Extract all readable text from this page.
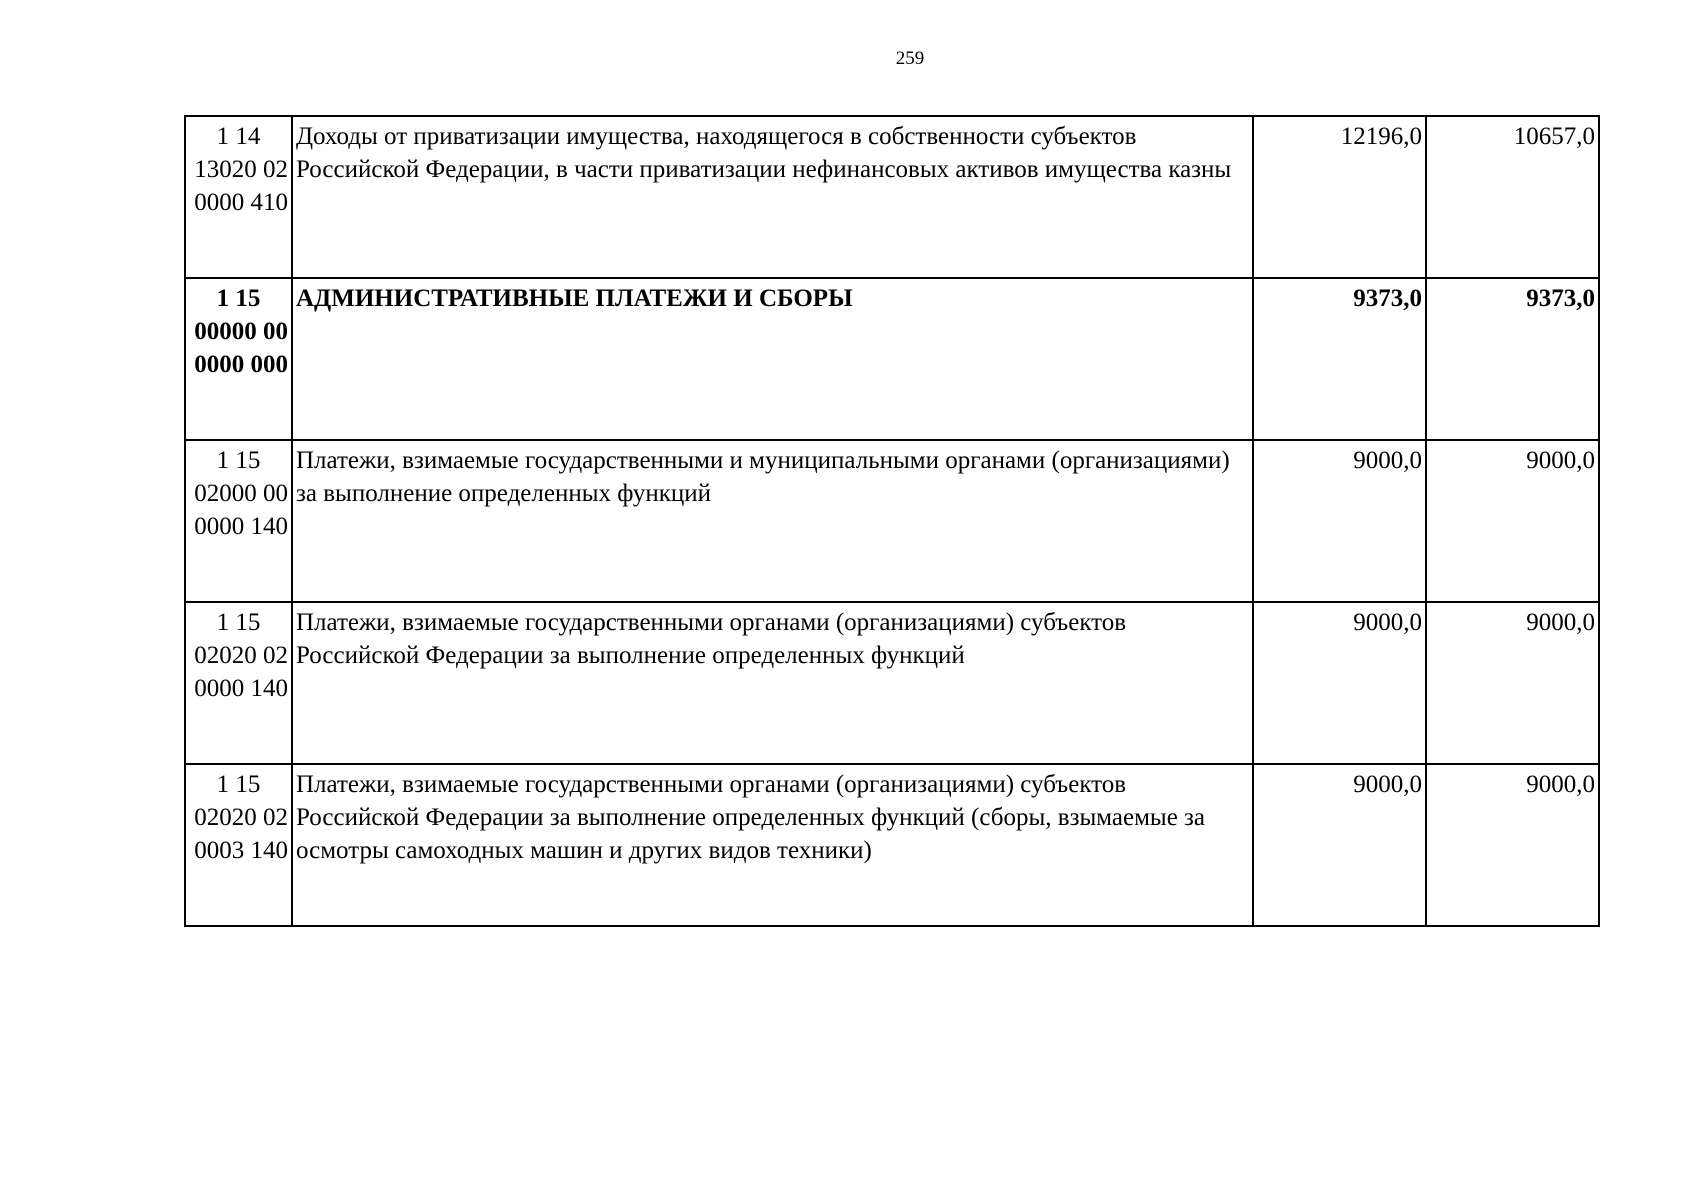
259
1 14
13020 02
0000 410	Доходы от приватизации имущества, находящегося в собственности субъектов Российской Федерации, в части приватизации нефинансовых активов имущества казны	12196,0	10657,0

1 15
00000 00
0000 000	АДМИНИСТРАТИВНЫЕ ПЛАТЕЖИ И СБОРЫ	9373,0	9373,0

1 15
02000 00
0000 140	Платежи, взимаемые государственными и муниципальными органами (организациями) за выполнение определенных функций	9000,0	9000,0

1 15
02020 02
0000 140	Платежи, взимаемые государственными органами (организациями) субъектов Российской Федерации за выполнение определенных функций	9000,0	9000,0

1 15
02020 02
0003 140	Платежи, взимаемые государственными органами (организациями) субъектов Российской Федерации за выполнение определенных функций (сборы, взымаемые за осмотры самоходных машин и других видов техники)	9000,0	9000,0
